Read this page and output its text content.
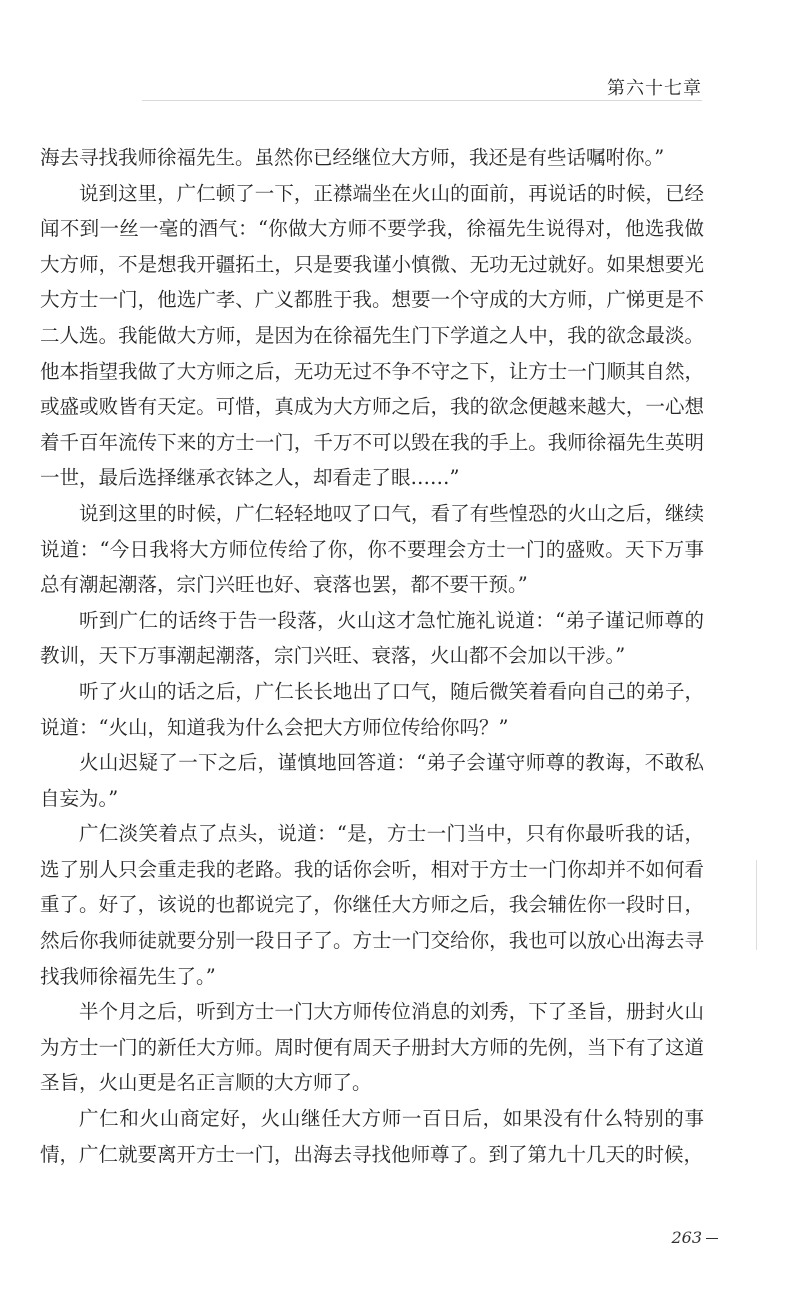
第六十七章

海去寻找我师徐福先生。虽然你已经继位大方师，我还是有些话嘱咐你。”

说到这里，广仁顿了一下，正襟端坐在火山的面前，再说话的时候，已经闻不到一丝一毫的酒气：“你做大方师不要学我，徐福先生说得对，他选我做大方师，不是想我开疆拓土，只是要我谨小慎微、无功无过就好。如果想要光大方士一门，他选广孝、广义都胜于我。想要一个守成的大方师，广悌更是不二人选。我能做大方师，是因为在徐福先生门下学道之人中，我的欲念最淡。他本指望我做了大方师之后，无功无过不争不守之下，让方士一门顺其自然，或盛或败皆有天定。可惜，真成为大方师之后，我的欲念便越来越大，一心想着千百年流传下来的方士一门，千万不可以毁在我的手上。我师徐福先生英明一世，最后选择继承衣钵之人，却看走了眼……”

说到这里的时候，广仁轻轻地叹了口气，看了有些惶恐的火山之后，继续说道：“今日我将大方师位传给了你，你不要理会方士一门的盛败。天下万事总有潮起潮落，宗门兴旺也好、衰落也罢，都不要干预。”

听到广仁的话终于告一段落，火山这才急忙施礼说道：“弟子谨记师尊的教训，天下万事潮起潮落，宗门兴旺、衰落，火山都不会加以干涉。”

听了火山的话之后，广仁长长地出了口气，随后微笑着看向自己的弟子，说道：“火山，知道我为什么会把大方师位传给你吗？”

火山迟疑了一下之后，谨慎地回答道：“弟子会谨守师尊的教诲，不敢私自妄为。”

广仁淡笑着点了点头，说道：“是，方士一门当中，只有你最听我的话，选了别人只会重走我的老路。我的话你会听，相对于方士一门你却并不如何看重了。好了，该说的也都说完了，你继任大方师之后，我会辅佐你一段时日，然后你我师徒就要分别一段日子了。方士一门交给你，我也可以放心出海去寻找我师徐福先生了。”

半个月之后，听到方士一门大方师传位消息的刘秀，下了圣旨，册封火山为方士一门的新任大方师。周时便有周天子册封大方师的先例，当下有了这道圣旨，火山更是名正言顺的大方师了。

广仁和火山商定好，火山继任大方师一百日后，如果没有什么特别的事情，广仁就要离开方士一门，出海去寻找他师尊了。到了第九十几天的时候，

263
